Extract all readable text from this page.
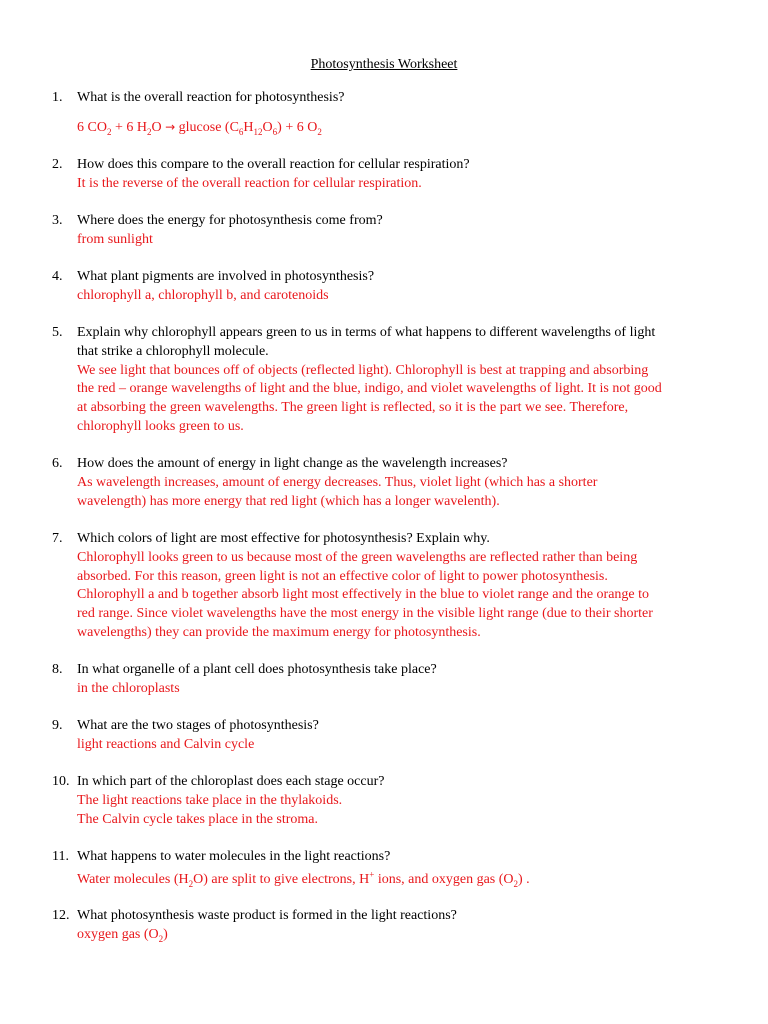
Photosynthesis Worksheet
1. What is the overall reaction for photosynthesis?
6 $CO_2 + 6$ $H_2O \to glucose$ $(C_6H_{12}O_6) + 6$ $O_2$
2. How does this compare to the overall reaction for cellular respiration?
It is the reverse of the overall reaction for cellular respiration.
3. Where does the energy for photosynthesis come from?
from sunlight
4. What plant pigments are involved in photosynthesis?
chlorophyll a, chlorophyll b, and carotenoids
5. Explain why chlorophyll appears green to us in terms of what happens to different wavelengths of light
that strike a chlorophyll molecule.
We see light that bounces off of objects (reflected light). Chlorophyll is best at trapping and absorbing
the red – orange wavelengths of light and the blue, indigo, and violet wavelengths of light. It is not good
at absorbing the green wavelengths. The green light is reflected, so it is the part we see. Therefore,
chlorophyll looks green to us.
6. How does the amount of energy in light change as the wavelength increases?
As wavelength increases, amount of energy decreases. Thus, violet light (which has a shorter
wavelength) has more energy that red light (which has a longer wavelenth).
7. Which colors of light are most effective for photosynthesis? Explain why.
Chlorophyll looks green to us because most of the green wavelengths are reflected rather than being
absorbed. For this reason, green light is not an effective color of light to power photosynthesis.
Chlorophyll a and b together absorb light most effectively in the blue to violet range and the orange to
red range. Since violet wavelengths have the most energy in the visible light range (due to their shorter
wavelengths) they can provide the maximum energy for photosynthesis.
8. In what organelle of a plant cell does photosynthesis take place?
in the chloroplasts
9. What are the two stages of photosynthesis?
light reactions and Calvin cycle
10. In which part of the chloroplast does each stage occur?
The light reactions take place in the thylakoids.
The Calvin cycle takes place in the stroma.
11. What happens to water molecules in the light reactions?
Water molecules $(H_2O)$ are split to give electrons, H+ ions, and oxygen gas $(O_2)$ .
12. What photosynthesis waste product is formed in the light reactions?
oxygen gas $(O_2)$
